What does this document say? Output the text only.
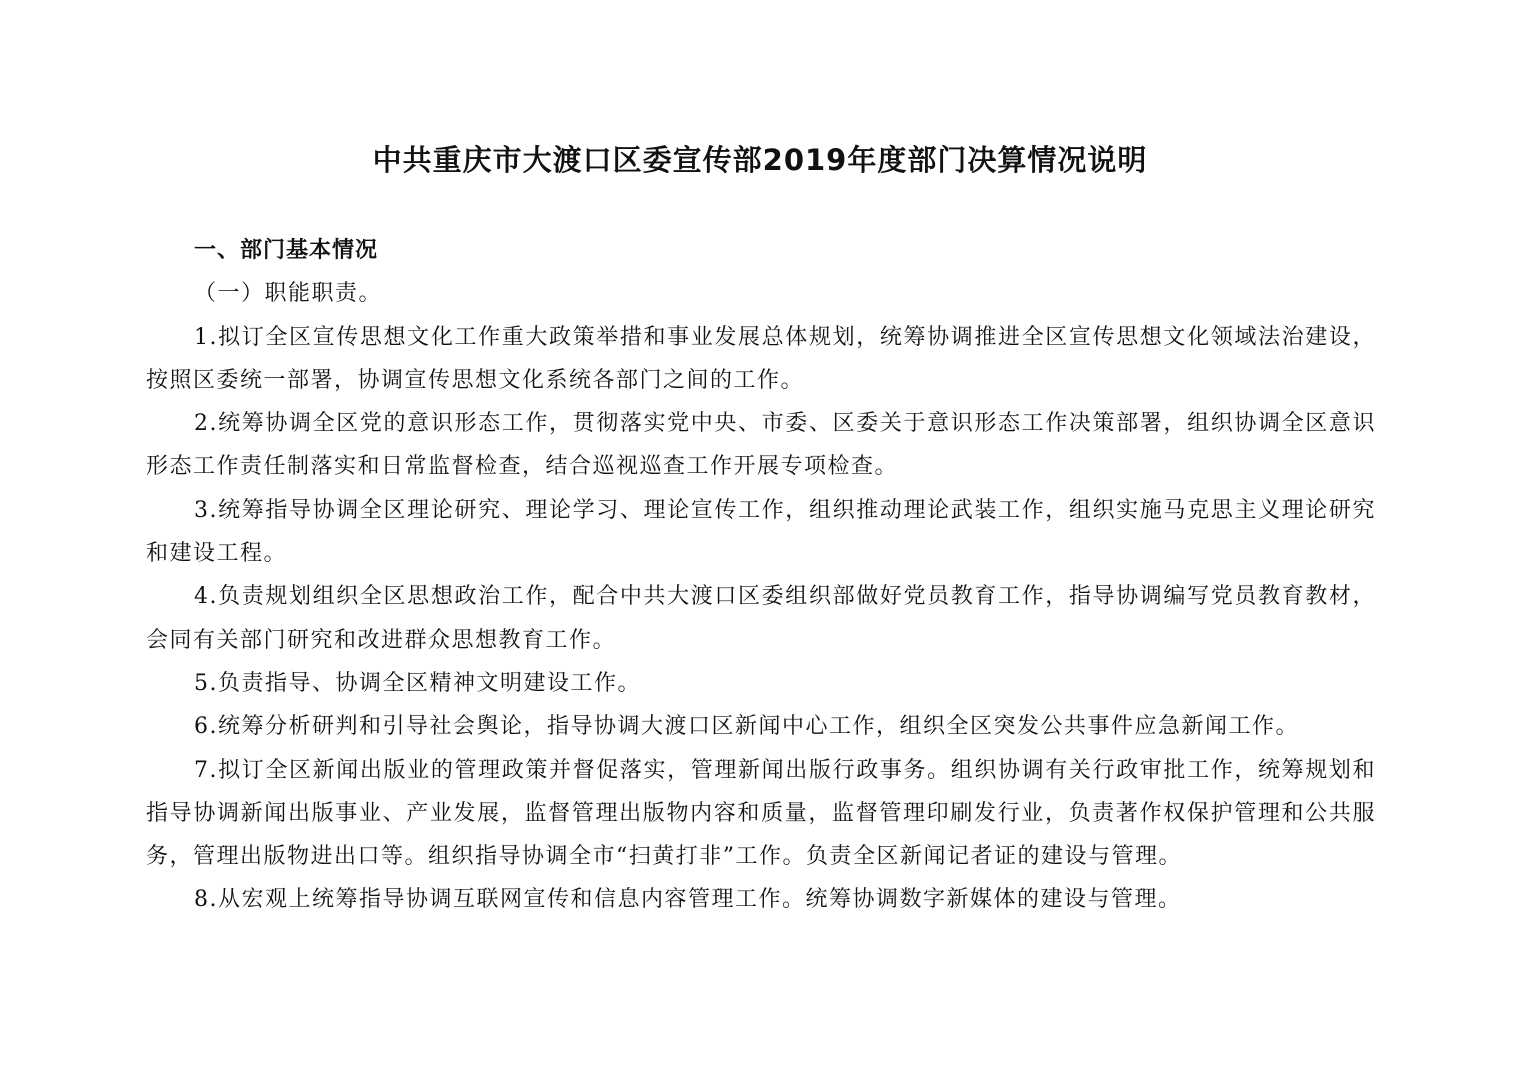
中共重庆市大渡口区委宣传部2019年度部门决算情况说明

一、部门基本情况

（一）职能职责。

1.拟订全区宣传思想文化工作重大政策举措和事业发展总体规划，统筹协调推进全区宣传思想文化领域法治建设，按照区委统一部署，协调宣传思想文化系统各部门之间的工作。

2.统筹协调全区党的意识形态工作，贯彻落实党中央、市委、区委关于意识形态工作决策部署，组织协调全区意识形态工作责任制落实和日常监督检查，结合巡视巡查工作开展专项检查。

3.统筹指导协调全区理论研究、理论学习、理论宣传工作，组织推动理论武装工作，组织实施马克思主义理论研究和建设工程。

4.负责规划组织全区思想政治工作，配合中共大渡口区委组织部做好党员教育工作，指导协调编写党员教育教材，会同有关部门研究和改进群众思想教育工作。

5.负责指导、协调全区精神文明建设工作。

6.统筹分析研判和引导社会舆论，指导协调大渡口区新闻中心工作，组织全区突发公共事件应急新闻工作。

7.拟订全区新闻出版业的管理政策并督促落实，管理新闻出版行政事务。组织协调有关行政审批工作，统筹规划和指导协调新闻出版事业、产业发展，监督管理出版物内容和质量，监督管理印刷发行业，负责著作权保护管理和公共服务，管理出版物进出口等。组织指导协调全市“扫黄打非”工作。负责全区新闻记者证的建设与管理。

8.从宏观上统筹指导协调互联网宣传和信息内容管理工作。统筹协调数字新媒体的建设与管理。
